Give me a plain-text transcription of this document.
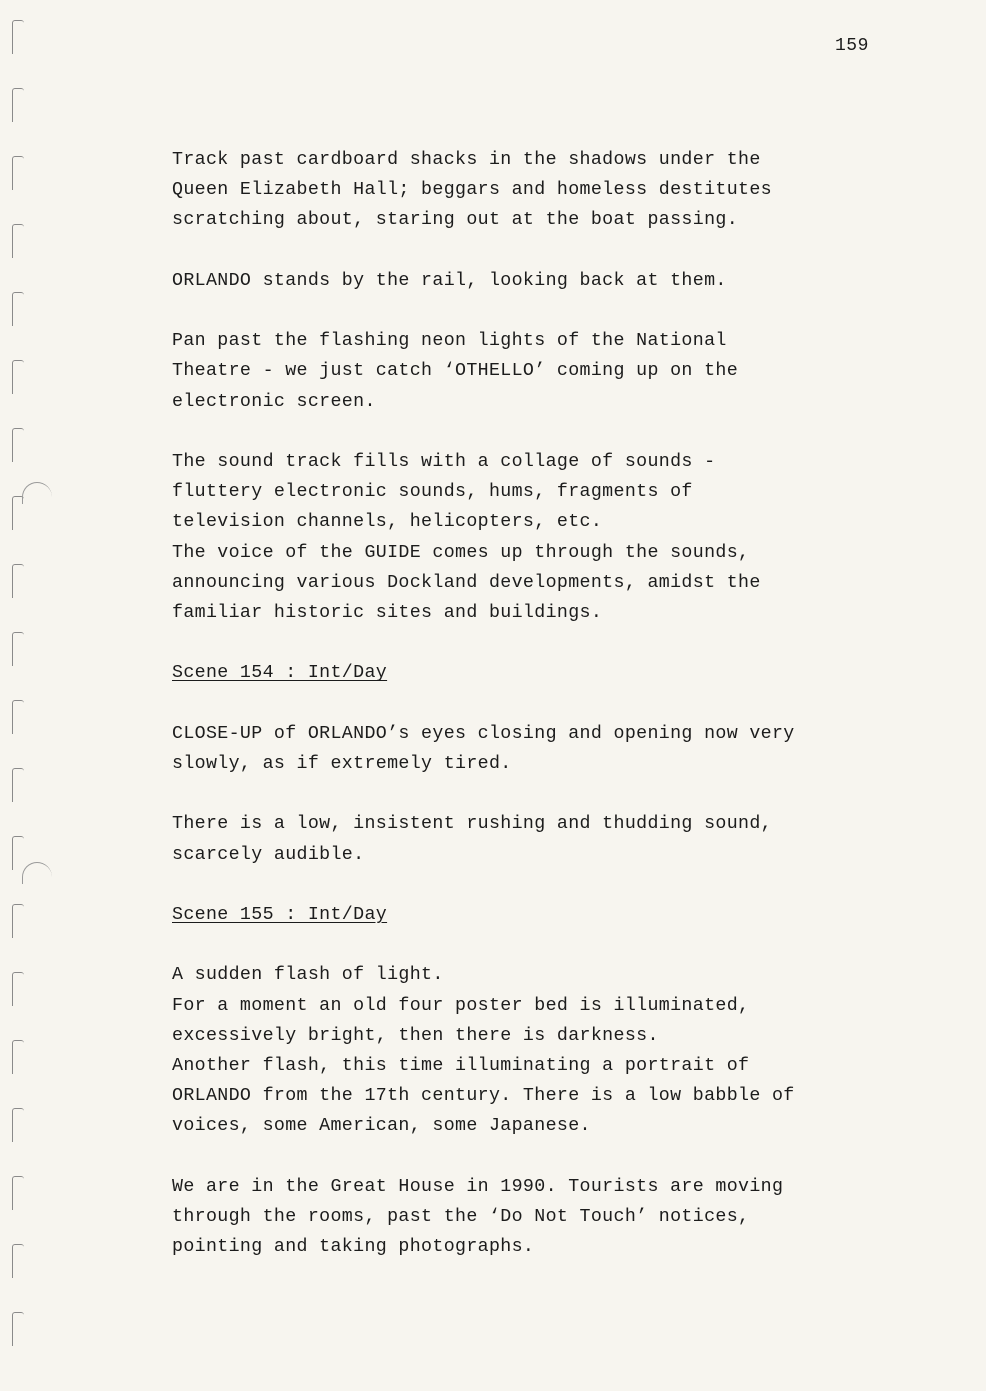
159

Track past cardboard shacks in the shadows under the
Queen Elizabeth Hall; beggars and homeless destitutes
scratching about, staring out at the boat passing.

ORLANDO stands by the rail, looking back at them.

Pan past the flashing neon lights of the National
Theatre - we just catch ‘OTHELLO’ coming up on the
electronic screen.

The sound track fills with a collage of sounds -
fluttery electronic sounds, hums, fragments of
television channels, helicopters, etc.

The voice of the GUIDE comes up through the sounds,
announcing various Dockland developments, amidst the
familiar historic sites and buildings.

Scene 154 : Int/Day

CLOSE-UP of ORLANDO’s eyes closing and opening now very
slowly, as if extremely tired.

There is a low, insistent rushing and thudding sound,
scarcely audible.

Scene 155 : Int/Day

A sudden flash of light.

For a moment an old four poster bed is illuminated,
excessively bright, then there is darkness.

Another flash, this time illuminating a portrait of
ORLANDO from the 17th century. There is a low babble of
voices, some American, some Japanese.

We are in the Great House in 1990. Tourists are moving
through the rooms, past the ‘Do Not Touch’ notices,
pointing and taking photographs.
